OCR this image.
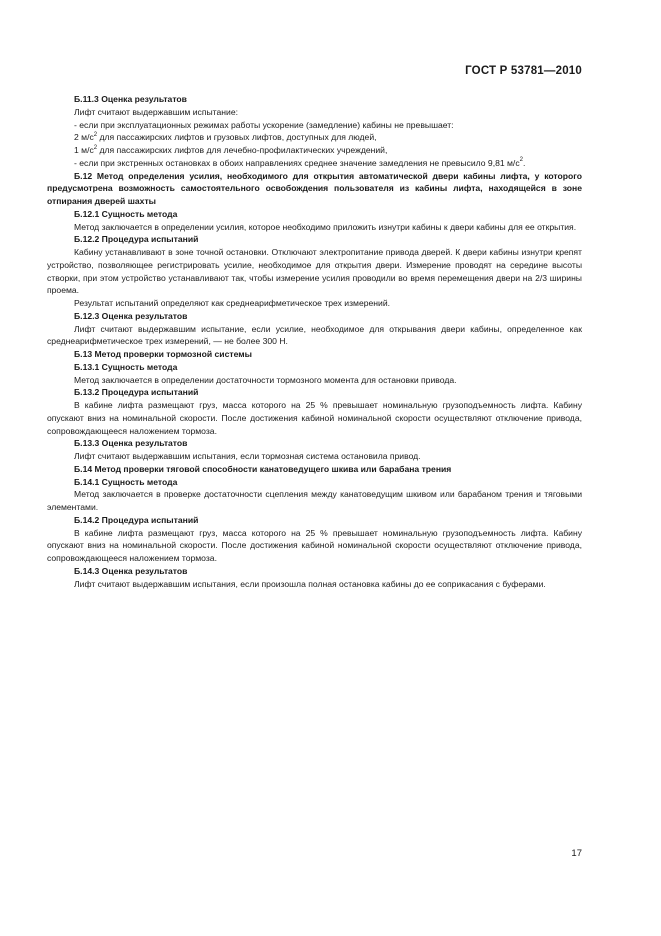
ГОСТ Р 53781—2010

Б.11.3 Оценка результатов

Лифт считают выдержавшим испытание:

- если при эксплуатационных режимах работы ускорение (замедление) кабины не превышает:

2 $м/с^2$ для пассажирских лифтов и грузовых лифтов, доступных для людей,

1 $м/с^2$ для пассажирских лифтов для лечебно-профилактических учреждений,

- если при экстренных остановках в обоих направлениях среднее значение замедления не превысило 9,81 $м/с^2$.

Б.12 Метод определения усилия, необходимого для открытия автоматической двери кабины лифта, у которого предусмотрена возможность самостоятельного освобождения пользователя из кабины лифта, находящейся в зоне отпирания дверей шахты

Б.12.1 Сущность метода

Метод заключается в определении усилия, которое необходимо приложить изнутри кабины к двери кабины для ее открытия.

Б.12.2 Процедура испытаний

Кабину устанавливают в зоне точной остановки. Отключают электропитание привода дверей. К двери кабины изнутри крепят устройство, позволяющее регистрировать усилие, необходимое для открытия двери. Измерение проводят на середине высоты створки, при этом устройство устанавливают так, чтобы измерение усилия проводили во время перемещения двери на 2/3 ширины проема.

Результат испытаний определяют как среднеарифметическое трех измерений.

Б.12.3 Оценка результатов

Лифт считают выдержавшим испытание, если усилие, необходимое для открывания двери кабины, определенное как среднеарифметическое трех измерений, — не более 300 Н.

Б.13 Метод проверки тормозной системы

Б.13.1 Сущность метода

Метод заключается в определении достаточности тормозного момента для остановки привода.

Б.13.2 Процедура испытаний

В кабине лифта размещают груз, масса которого на 25 % превышает номинальную грузоподъемность лифта. Кабину опускают вниз на номинальной скорости. После достижения кабиной номинальной скорости осуществляют отключение привода, сопровождающееся наложением тормоза.

Б.13.3 Оценка результатов

Лифт считают выдержавшим испытания, если тормозная система остановила привод.

Б.14 Метод проверки тяговой способности канатоведущего шкива или барабана трения

Б.14.1 Сущность метода

Метод заключается в проверке достаточности сцепления между канатоведущим шкивом или барабаном трения и тяговыми элементами.

Б.14.2 Процедура испытаний

В кабине лифта размещают груз, масса которого на 25 % превышает номинальную грузоподъемность лифта. Кабину опускают вниз на номинальной скорости. После достижения кабиной номинальной скорости осуществляют отключение привода, сопровождающееся наложением тормоза.

Б.14.3 Оценка результатов

Лифт считают выдержавшим испытания, если произошла полная остановка кабины до ее соприкасания с буферами.

17
